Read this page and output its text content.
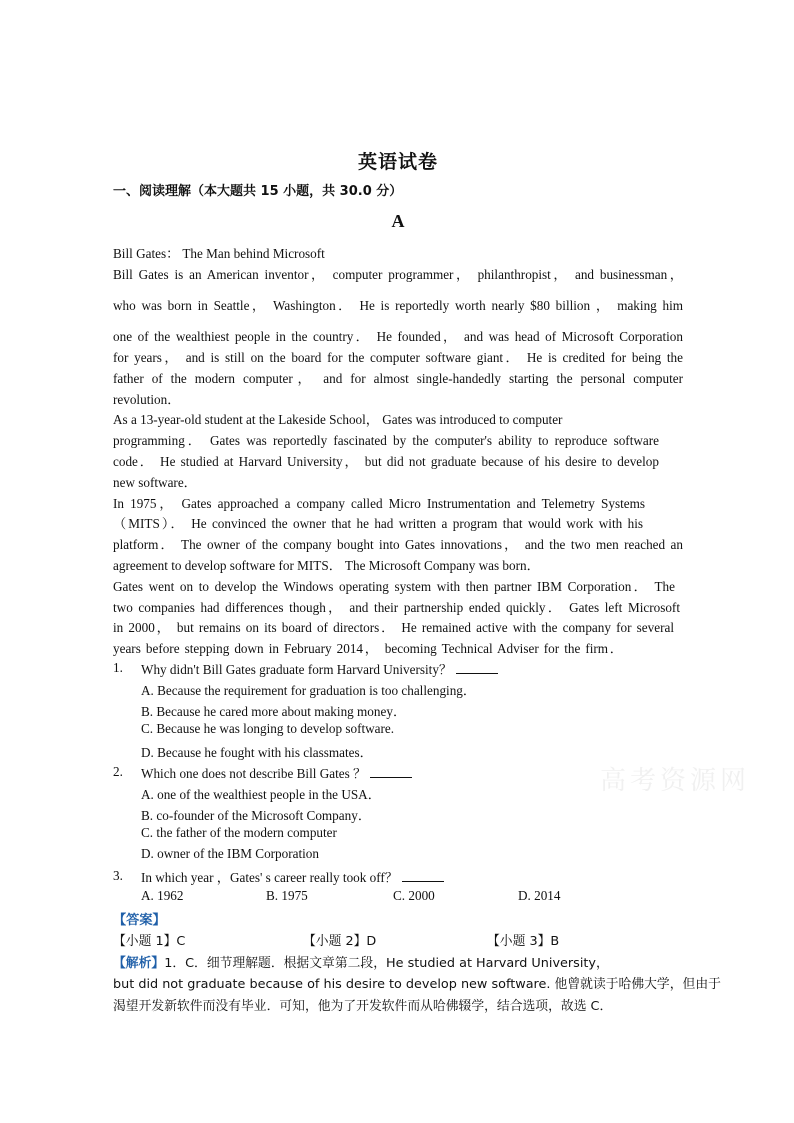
高考资源网
英语试卷
一、阅读理解（本大题共 15 小题，共 30.0 分）
A
Bill Gates： The Man behind Microsoft
Bill Gates is an American inventor， computer programmer， philanthropist， and businessman，
who was born in Seattle， Washington． He is reportedly worth nearly $80 billion ， making him
one of the wealthiest people in the country． He founded， and was head of Microsoft Corporation
for years， and is still on the board for the computer software giant． He is credited for being the
father of the modern computer， and for almost single-handedly starting the personal computer
revolution．
As a 13-year-old student at the Lakeside School， Gates was introduced to computer
programming． Gates was reportedly fascinated by the computer's ability to reproduce software
code． He studied at Harvard University， but did not graduate because of his desire to develop
new software．
In 1975， Gates approached a company called Micro Instrumentation and Telemetry Systems
（MITS）． He convinced the owner that he had written a program that would work with his
platform． The owner of the company bought into Gates innovations， and the two men reached an
agreement to develop software for MITS． The Microsoft Company was born．
Gates went on to develop the Windows operating system with then partner IBM Corporation． The
two companies had differences though， and their partnership ended quickly． Gates left Microsoft
in 2000， but remains on its board of directors． He remained active with the company for several
years before stepping down in February 2014， becoming Technical Adviser for the firm．
1. Why didn't Bill Gates graduate form Harvard University？
A. Because the requirement for graduation is too challenging．
B. Because he cared more about making money．
C. Because he was longing to develop software.
D. Because he fought with his classmates．
2. Which one does not describe Bill Gates ？
A. one of the wealthiest people in the USA．
B. co-founder of the Microsoft Company．
C. the father of the modern computer
D. owner of the IBM Corporation
3. In which year ，Gates' s career really took off？
A. 1962	B. 1975	C. 2000	D. 2014
【答案】
【小题 1】C	【小题 2】D	【小题 3】B
【解析】1．C．细节理解题．根据文章第二段，He studied at Harvard University，
but did not graduate because of his desire to develop new software. 他曾就读于哈佛大学，但由于
渴望开发新软件而没有毕业．可知，他为了开发软件而从哈佛辍学，结合选项，故选 C．
